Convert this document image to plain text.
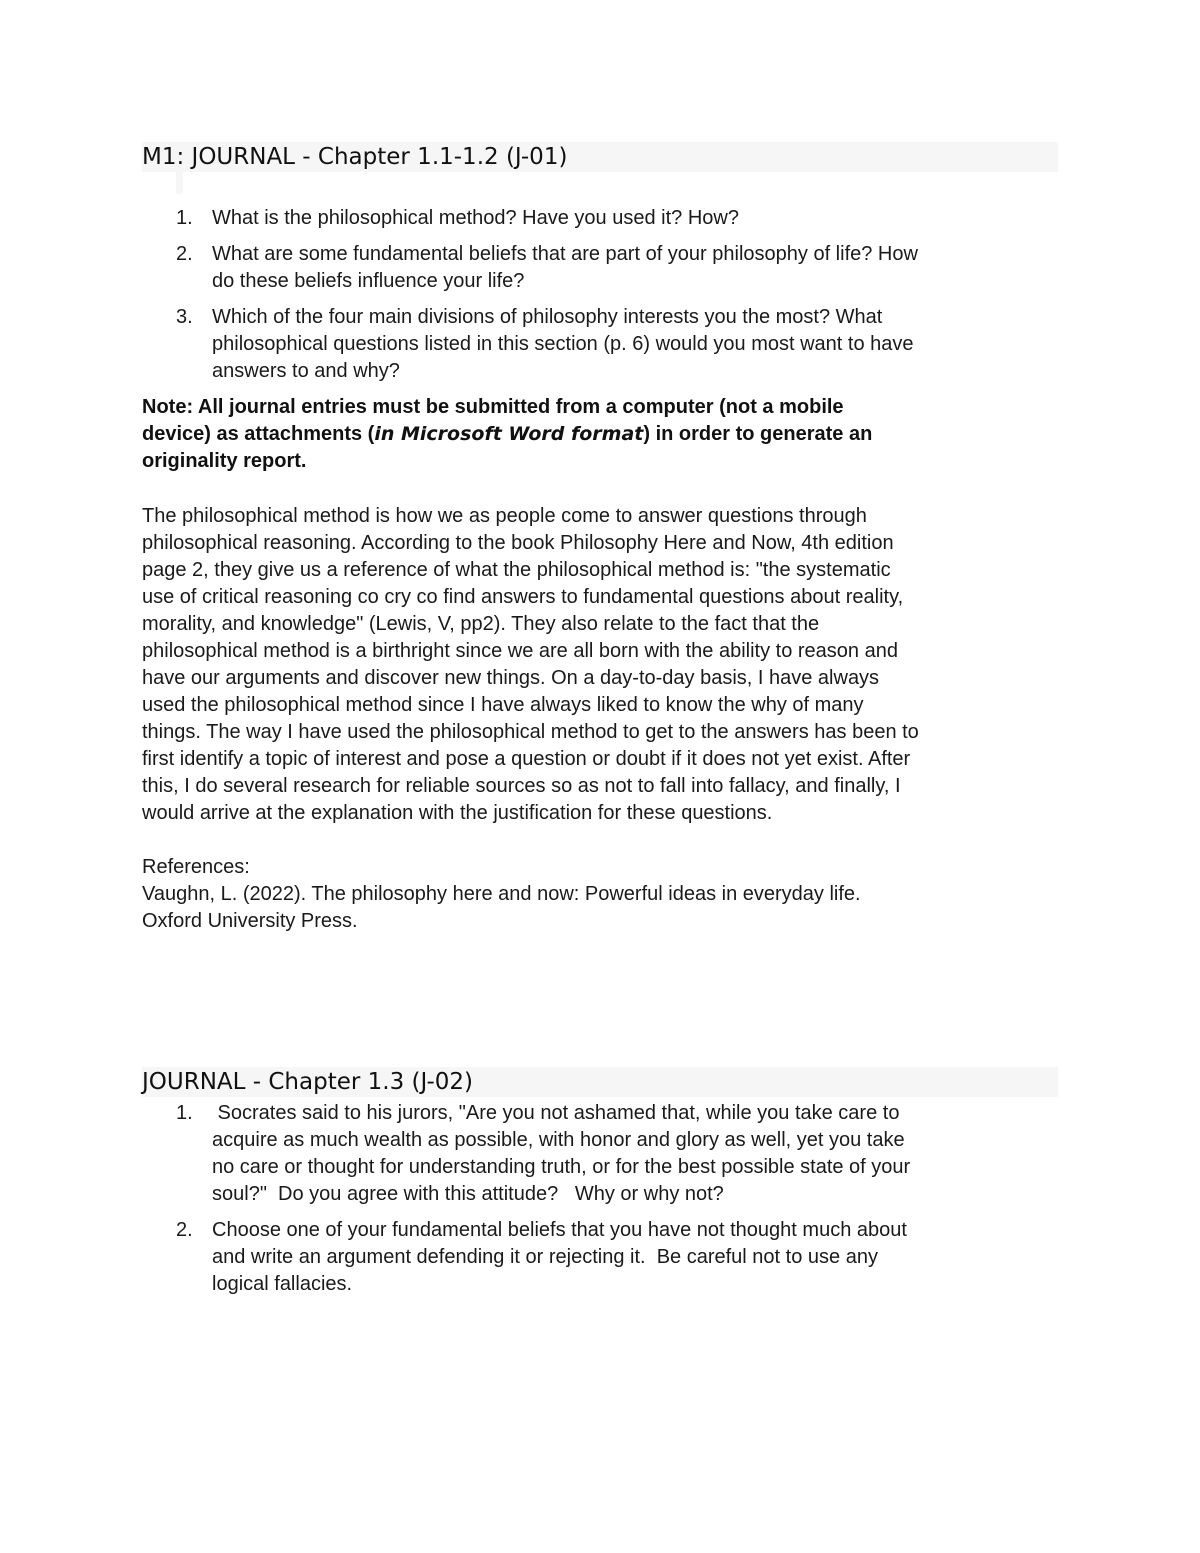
M1: JOURNAL - Chapter 1.1-1.2 (J-01)
1. What is the philosophical method? Have you used it? How?
2. What are some fundamental beliefs that are part of your philosophy of life? How
do these beliefs influence your life?
3. Which of the four main divisions of philosophy interests you the most? What
philosophical questions listed in this section (p. 6) would you most want to have
answers to and why?
Note: All journal entries must be submitted from a computer (not a mobile
device) as attachments (in Microsoft Word format) in order to generate an
originality report.
The philosophical method is how we as people come to answer questions through
philosophical reasoning. According to the book Philosophy Here and Now, 4th edition
page 2, they give us a reference of what the philosophical method is: "the systematic
use of critical reasoning co cry co find answers to fundamental questions about reality,
morality, and knowledge" (Lewis, V, pp2). They also relate to the fact that the
philosophical method is a birthright since we are all born with the ability to reason and
have our arguments and discover new things. On a day-to-day basis, I have always
used the philosophical method since I have always liked to know the why of many
things. The way I have used the philosophical method to get to the answers has been to
first identify a topic of interest and pose a question or doubt if it does not yet exist. After
this, I do several research for reliable sources so as not to fall into fallacy, and finally, I
would arrive at the explanation with the justification for these questions.
References:
Vaughn, L. (2022). The philosophy here and now: Powerful ideas in everyday life.
Oxford University Press.
JOURNAL - Chapter 1.3 (J-02)
1. Socrates said to his jurors, "Are you not ashamed that, while you take care to
acquire as much wealth as possible, with honor and glory as well, yet you take
no care or thought for understanding truth, or for the best possible state of your
soul?"  Do you agree with this attitude?   Why or why not?
2. Choose one of your fundamental beliefs that you have not thought much about
and write an argument defending it or rejecting it.  Be careful not to use any
logical fallacies.
